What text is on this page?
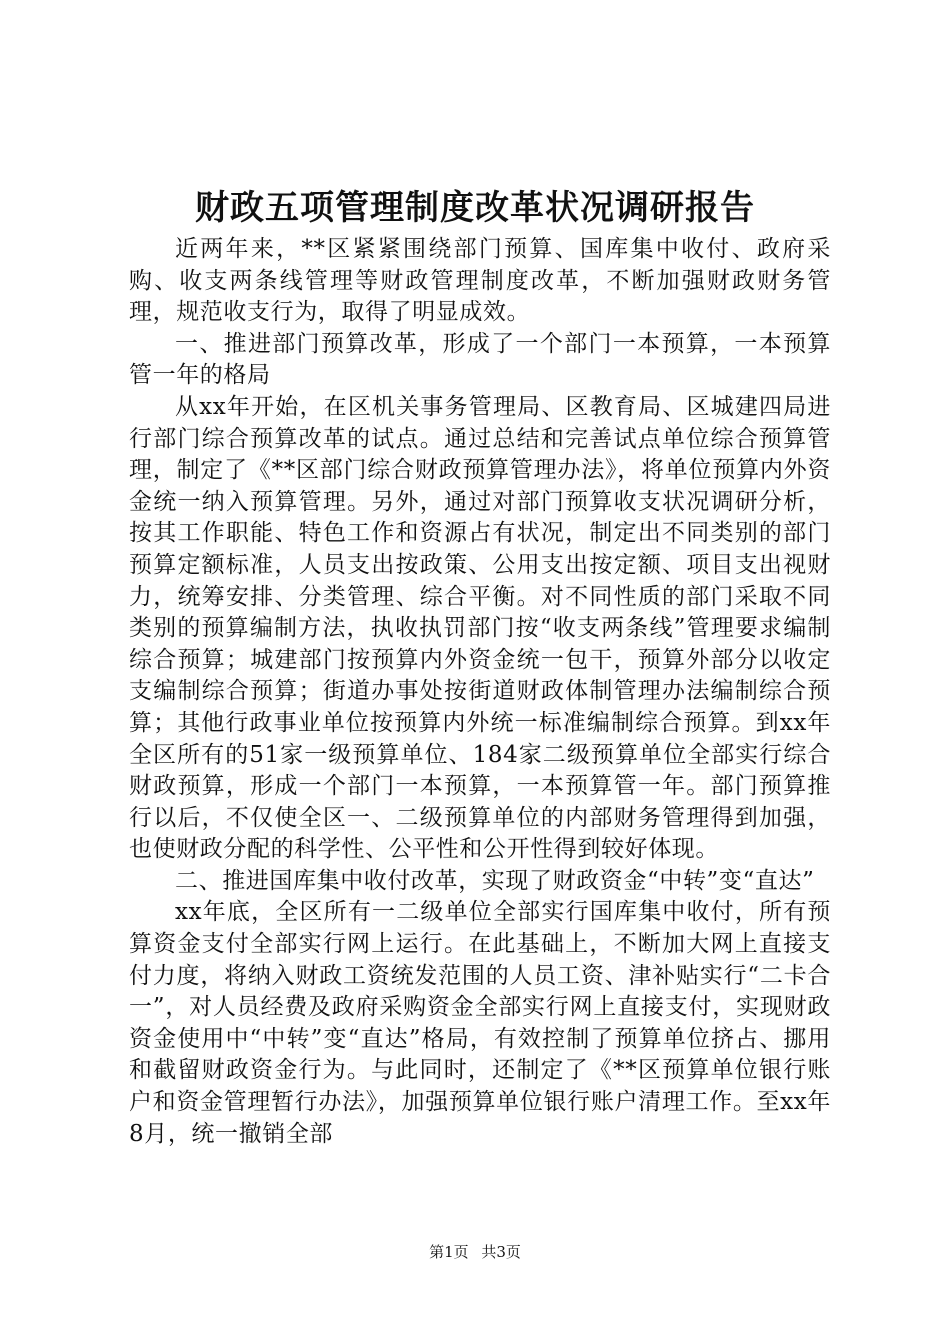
财政五项管理制度改革状况调研报告

近两年来，**区紧紧围绕部门预算、国库集中收付、政府采购、收支两条线管理等财政管理制度改革，不断加强财政财务管理，规范收支行为，取得了明显成效。

一、推进部门预算改革，形成了一个部门一本预算，一本预算管一年的格局

从xx年开始，在区机关事务管理局、区教育局、区城建四局进行部门综合预算改革的试点。通过总结和完善试点单位综合预算管理，制定了《**区部门综合财政预算管理办法》，将单位预算内外资金统一纳入预算管理。另外，通过对部门预算收支状况调研分析，按其工作职能、特色工作和资源占有状况，制定出不同类别的部门预算定额标准，人员支出按政策、公用支出按定额、项目支出视财力，统筹安排、分类管理、综合平衡。对不同性质的部门采取不同类别的预算编制方法，执收执罚部门按“收支两条线”管理要求编制综合预算；城建部门按预算内外资金统一包干，预算外部分以收定支编制综合预算；街道办事处按街道财政体制管理办法编制综合预算；其他行政事业单位按预算内外统一标准编制综合预算。到xx年全区所有的51家一级预算单位、184家二级预算单位全部实行综合财政预算，形成一个部门一本预算，一本预算管一年。部门预算推行以后，不仅使全区一、二级预算单位的内部财务管理得到加强，也使财政分配的科学性、公平性和公开性得到较好体现。

二、推进国库集中收付改革，实现了财政资金“中转”变“直达”

xx年底，全区所有一二级单位全部实行国库集中收付，所有预算资金支付全部实行网上运行。在此基础上，不断加大网上直接支付力度，将纳入财政工资统发范围的人员工资、津补贴实行“二卡合一”，对人员经费及政府采购资金全部实行网上直接支付，实现财政资金使用中“中转”变“直达”格局，有效控制了预算单位挤占、挪用和截留财政资金行为。与此同时，还制定了《**区预算单位银行账户和资金管理暂行办法》，加强预算单位银行账户清理工作。至xx年8月，统一撤销全部

第1页 共3页
